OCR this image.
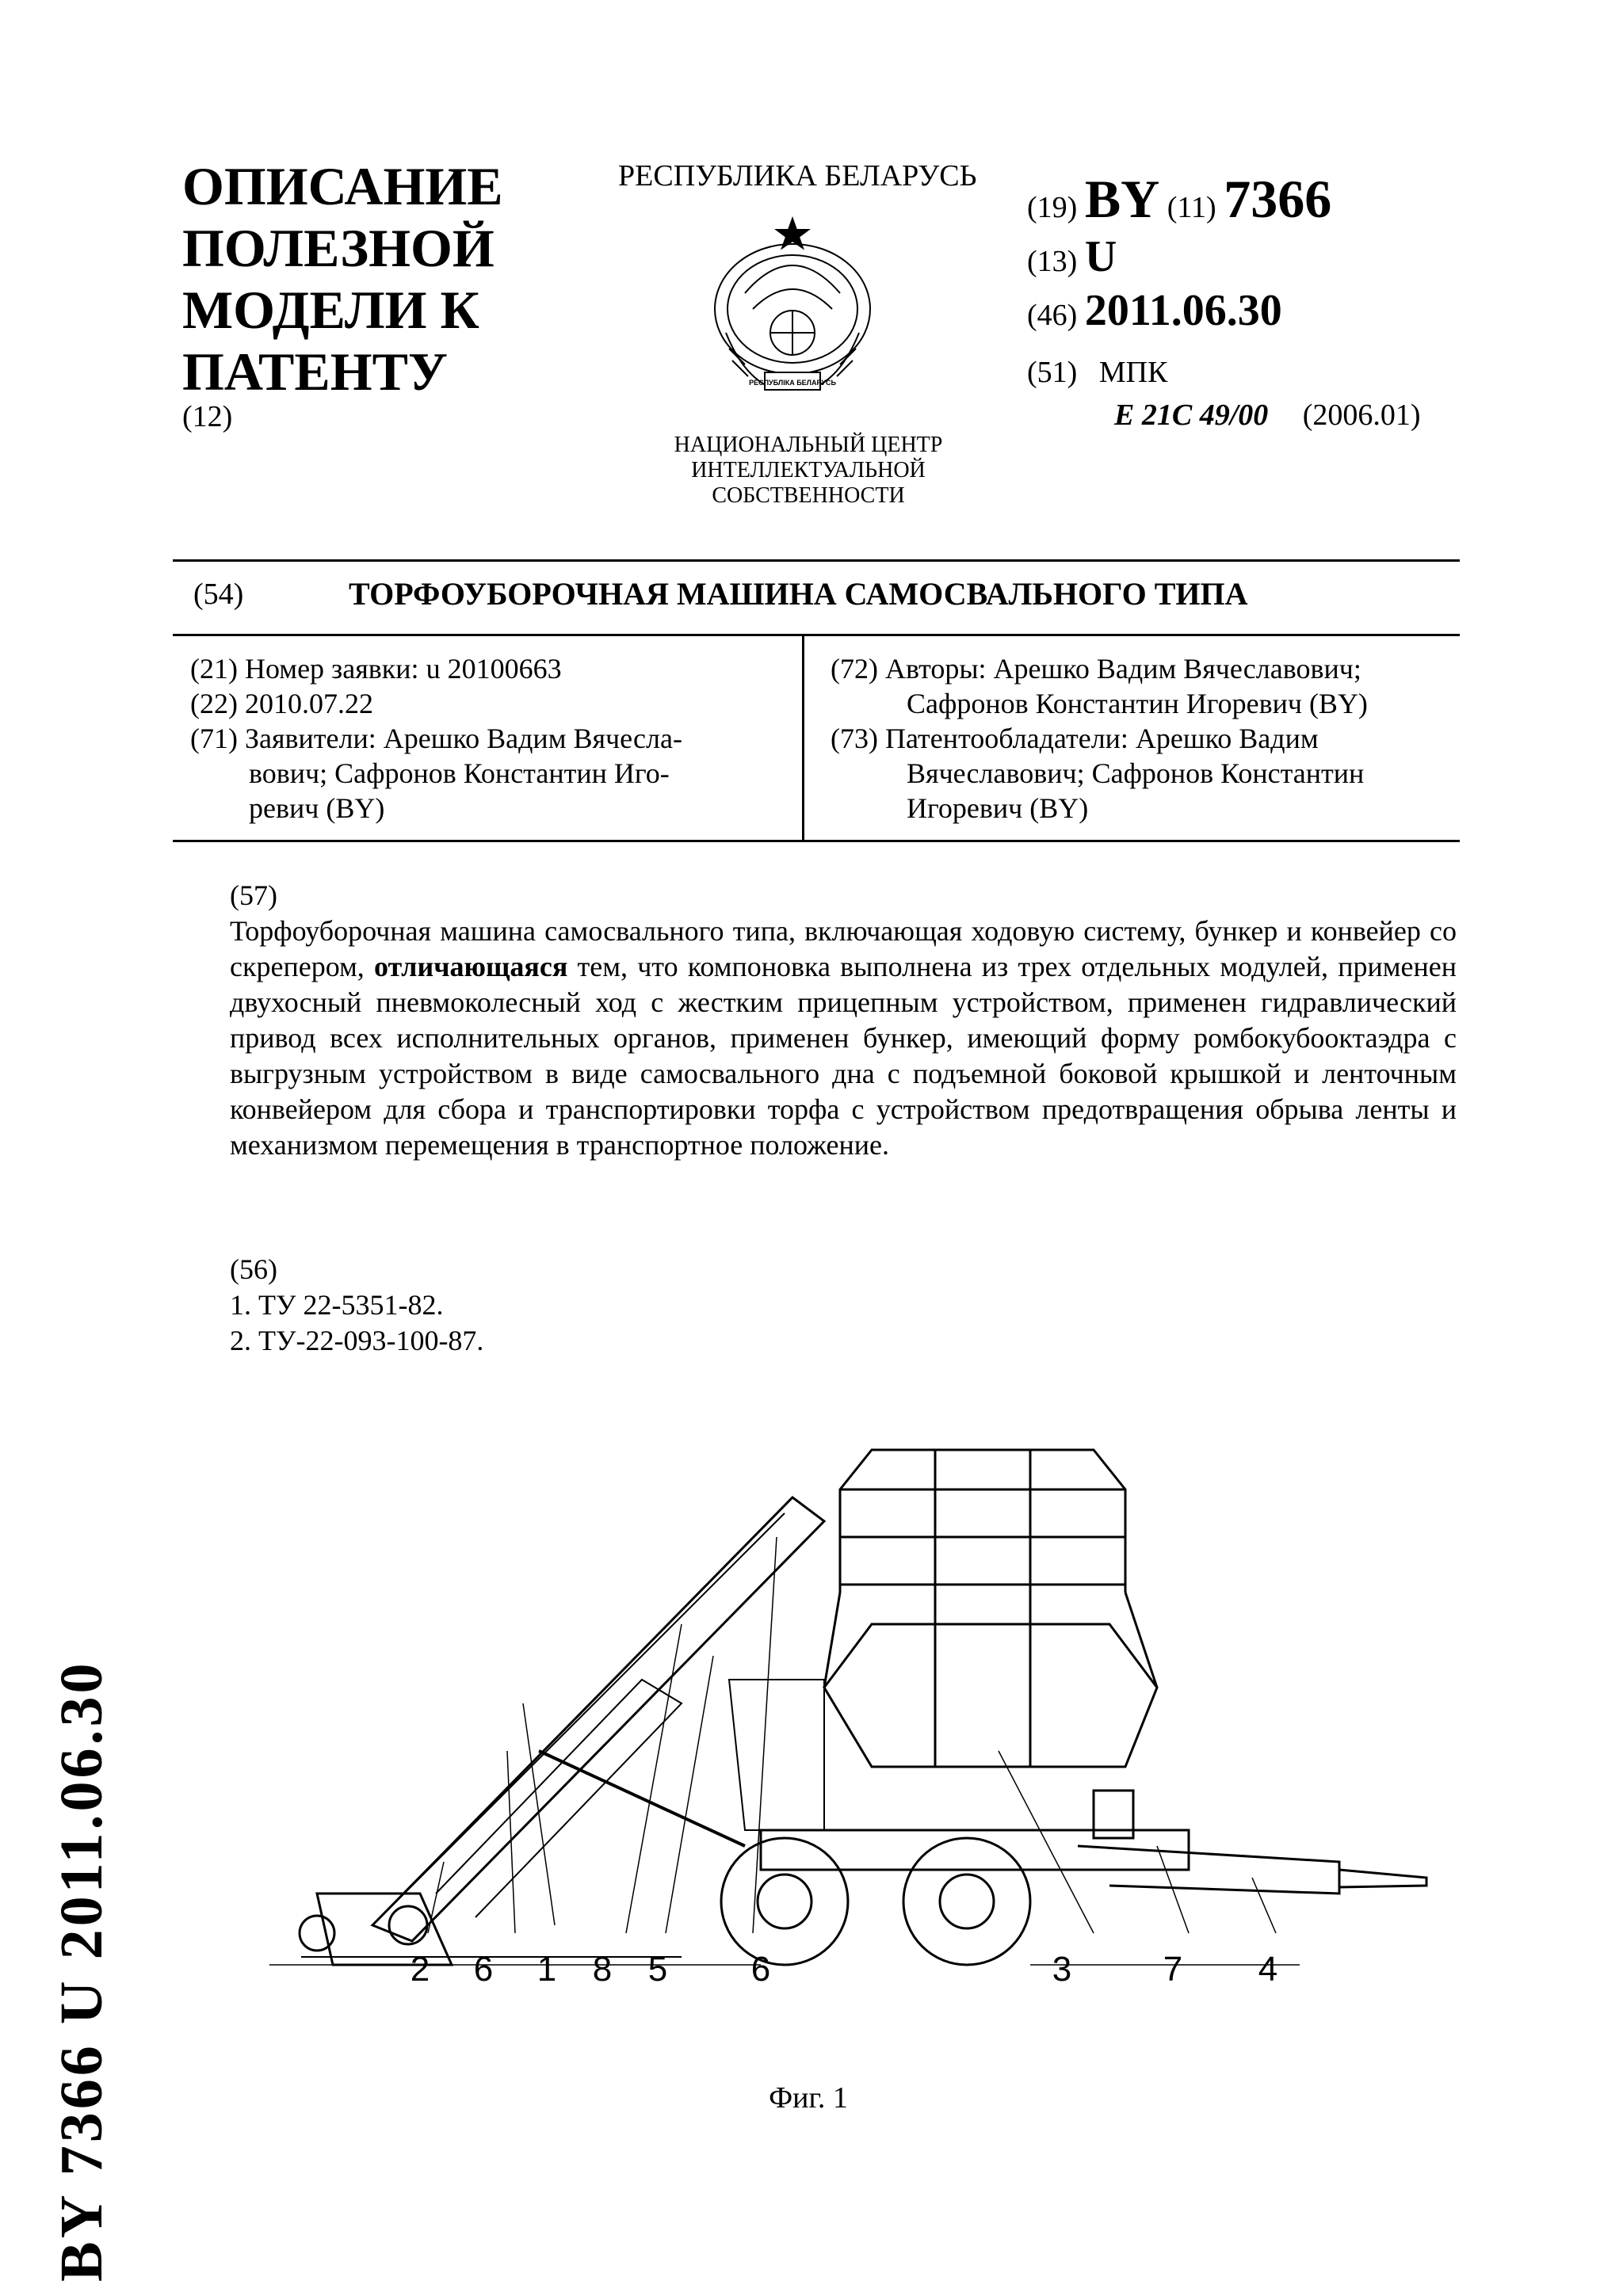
ОПИСАНИЕ
ПОЛЕЗНОЙ
МОДЕЛИ К
ПАТЕНТУ
(12)
РЕСПУБЛИКА БЕЛАРУСЬ
РЕСПУБЛІКА БЕЛАРУСЬ
НАЦИОНАЛЬНЫЙ ЦЕНТР
ИНТЕЛЛЕКТУАЛЬНОЙ
СОБСТВЕННОСТИ
(19) BY (11) 7366
(13) U
(46) 2011.06.30
(51) МПК
E 21C 49/00 (2006.01)
(54)	ТОРФОУБОРОЧНАЯ МАШИНА САМОСВАЛЬНОГО ТИПА
(21) Номер заявки: u 20100663
(22) 2010.07.22
(71) Заявители: Арешко Вадим Вячесла-
вович; Сафронов Константин Иго-
ревич (BY)
(72) Авторы: Арешко Вадим Вячеславович;
Сафронов Константин Игоревич (BY)
(73) Патентообладатели: Арешко Вадим
Вячеславович; Сафронов Константин
Игоревич (BY)
(57)

Торфоуборочная машина самосвального типа, включающая ходовую систему, бункер и конвейер со скрепером, отличающаяся тем, что компоновка выполнена из трех отдельных модулей, применен двухосный пневмоколесный ход с жестким прицепным устройством, применен гидравлический привод всех исполнительных органов, применен бункер, имеющий форму ромбокубооктаэдра с выгрузным устройством в виде самосвального дна с подъемной боковой крышкой и ленточным конвейером для сбора и транспортировки торфа с устройством предотвращения обрыва ленты и механизмом перемещения в транспортное положение.

(56)
1. ТУ 22-5351-82.
2. ТУ-22-093-100-87.
2 6 1 8 5 6	3	7 4
Фиг. 1
BY 7366 U 2011.06.30
